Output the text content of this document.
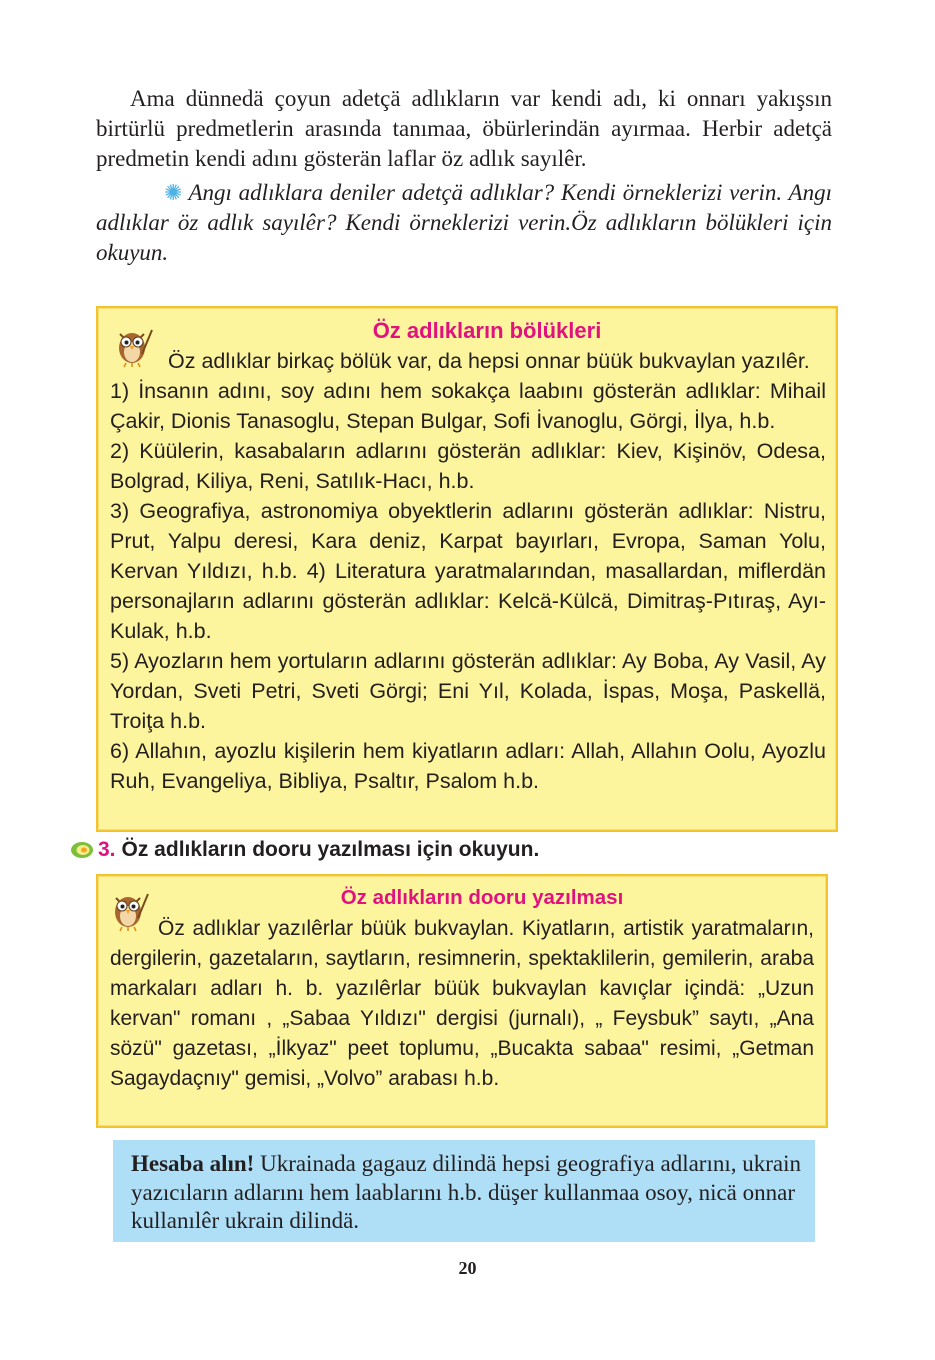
Ama dünnedä çoyun adetçä adlıkların var kendi adı, ki onnarı yakışsın birtürlü predmetlerin arasında tanımaa, öbürlerindän ayırmaa. Herbir adetçä predmetin kendi adını gösterän laflar öz adlık sayılêr.

✺ Angı adlıklara deniler adetçä adlıklar? Kendi örneklerizi verin. Angı adlıklar öz adlık sayılêr? Kendi örneklerizi verin.Öz adlıkların bölükleri için okuyun.

Öz adlıkların bölükleri

Öz adlıklar birkaç bölük var, da hepsi onnar büük bukvaylan yazılêr.

1) İnsanın adını, soy adını hem sokakça laabını gösterän adlıklar: Mihail Çakir, Dionis Tanasoglu, Stepan Bulgar, Sofi İvanoglu, Görgi, İlya, h.b.

2) Küülerin, kasabaların adlarını gösterän adlıklar: Kiev, Kişinöv, Odesa, Bolgrad, Kiliya, Reni, Satılık-Hacı, h.b.

3) Geografiya, astronomiya obyektlerin adlarını gösterän adlıklar: Nistru, Prut, Yalpu deresi, Kara deniz, Karpat bayırları, Evropa, Saman Yolu, Kervan Yıldızı, h.b. 4) Literatura yaratmalarından, masallardan, miflerdän personajların adlarını gösterän adlıklar: Kelcä-Külcä, Dimitraş-Pıtıraş, Ayı-Kulak, h.b.

5) Ayozların hem yortuların adlarını gösterän adlıklar: Ay Boba, Ay Vasil, Ay Yordan, Sveti Petri, Sveti Görgi; Eni Yıl, Kolada, İspas, Moşa, Paskellä, Troiţa h.b.

6) Allahın, ayozlu kişilerin hem kiyatların adları: Allah, Allahın Oolu, Ayozlu Ruh, Evangeliya, Bibliya, Psaltır, Psalom h.b.

3. Öz adlıkların dooru yazılması için okuyun.
Öz adlıkların dooru yazılması

Öz adlıklar yazılêrlar büük bukvaylan. Kiyatların, artistik yaratmaların, dergilerin, gazetaların, saytların, resimnerin, spektaklilerin, gemilerin, araba markaları adları h. b. yazılêrlar büük bukvaylan kavıçlar içindä: „Uzun kervan" romanı , „Sabaa Yıldızı" dergisi (jurnalı), „ Feysbuk” saytı, „Ana sözü" gazetası, „İlkyaz" peet toplumu, „Bucakta sabaa" resimi, „Getman Sagaydaçnıy" gemisi, „Volvo” arabası h.b.

Hesaba alın! Ukrainada gagauz dilindä hepsi geografiya adlarını, ukrain yazıcıların adlarını hem laablarını h.b. düşer kullanmaa osoy, nicä onnar kullanılêr ukrain dilindä.

20
